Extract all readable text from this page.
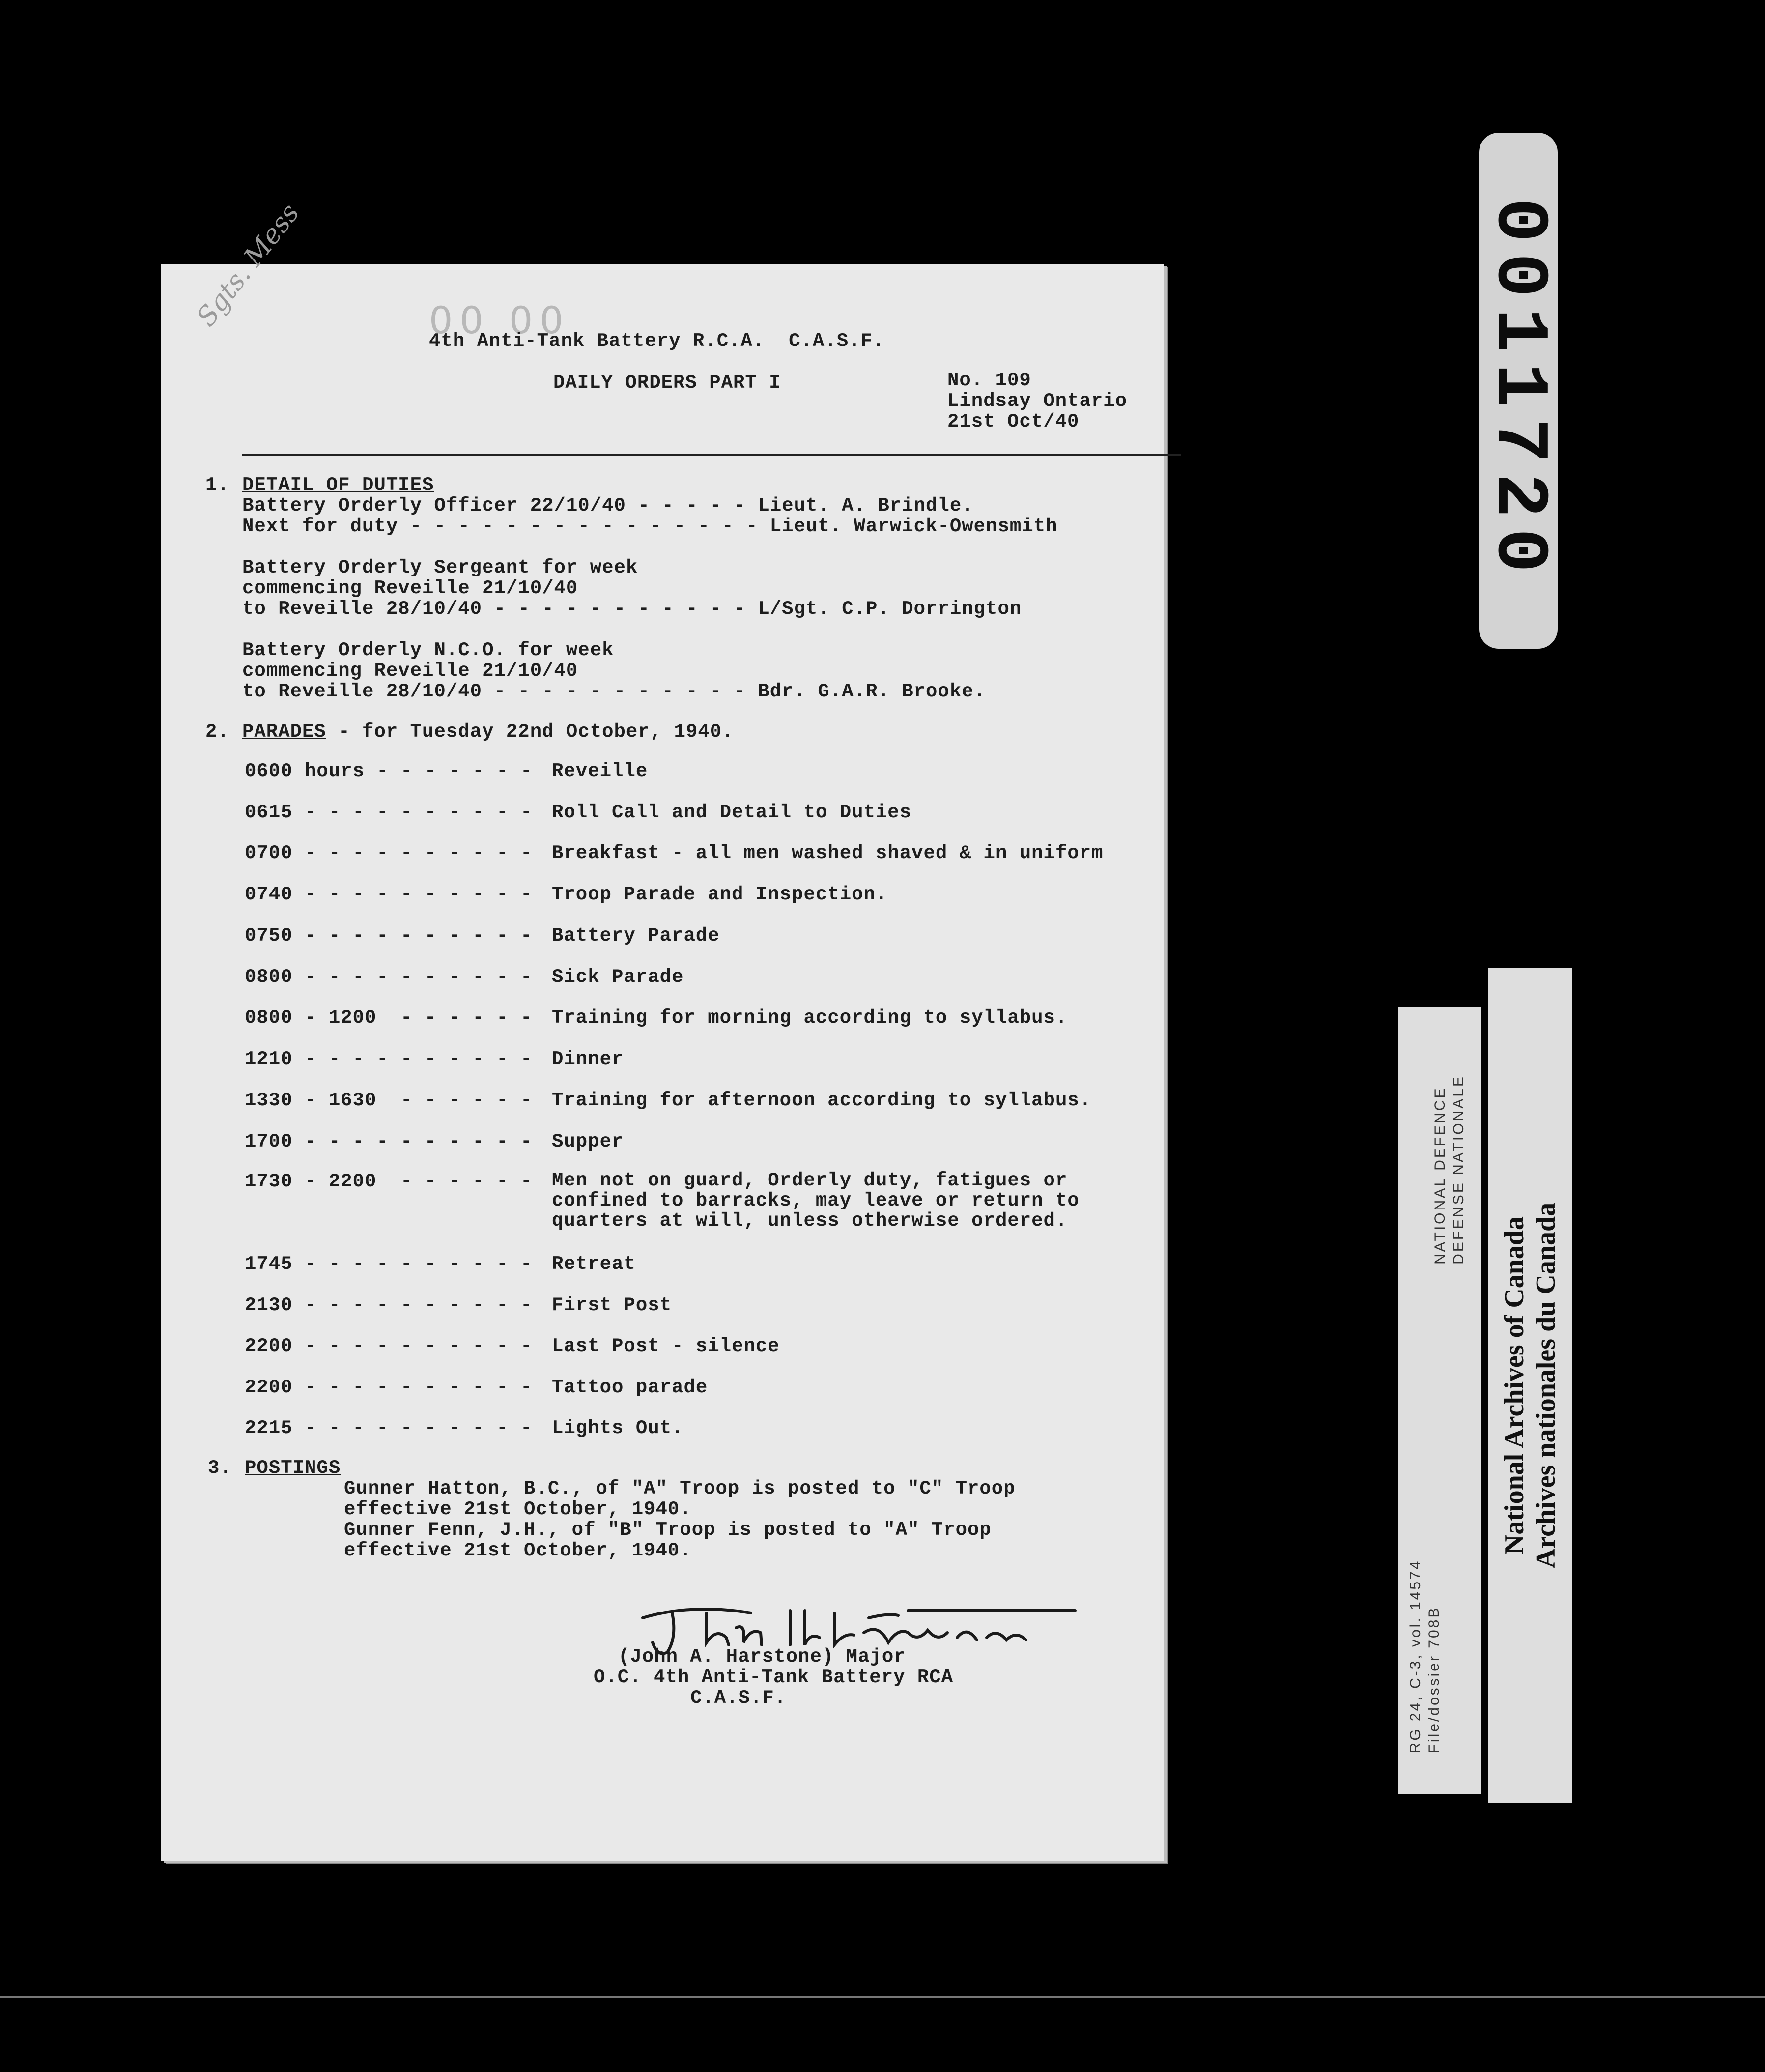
Sgts. Mess	00 00
4th Anti-Tank Battery R.C.A.  C.A.S.F.
DAILY ORDERS PART I	No. 109
Lindsay Ontario
21st Oct/40
1. DETAIL OF DUTIES
Battery Orderly Officer 22/10/40 - - - - - Lieut. A. Brindle.
Next for duty - - - - - - - - - - - - - - - Lieut. Warwick-Owensmith
Battery Orderly Sergeant for week
commencing Reveille 21/10/40
to Reveille 28/10/40 - - - - - - - - - - - L/Sgt. C.P. Dorrington
Battery Orderly N.C.O. for week
commencing Reveille 21/10/40
to Reveille 28/10/40 - - - - - - - - - - - Bdr. G.A.R. Brooke.
2. PARADES - for Tuesday 22nd October, 1940.
0600 hours - - - - - - - Reveille
0615 - - - - - - - - - - Roll Call and Detail to Duties
0700 - - - - - - - - - - Breakfast - all men washed shaved & in uniform
0740 - - - - - - - - - - Troop Parade and Inspection.
0750 - - - - - - - - - - Battery Parade
0800 - - - - - - - - - - Sick Parade
0800 - 1200  - - - - - - Training for morning according to syllabus.
1210 - - - - - - - - - - Dinner
1330 - 1630  - - - - - - Training for afternoon according to syllabus.
1700 - - - - - - - - - - Supper
1730 - 2200  - - - - - - Men not on guard, Orderly duty, fatigues or
confined to barracks, may leave or return to
quarters at will, unless otherwise ordered.
1745 - - - - - - - - - - Retreat
2130 - - - - - - - - - - First Post
2200 - - - - - - - - - - Last Post - silence
2200 - - - - - - - - - - Tattoo parade
2215 - - - - - - - - - - Lights Out.
3. POSTINGS
Gunner Hatton, B.C., of "A" Troop is posted to "C" Troop
effective 21st October, 1940.
Gunner Fenn, J.H., of "B" Troop is posted to "A" Troop
effective 21st October, 1940.
(John A. Harstone) Major
O.C. 4th Anti-Tank Battery RCA
C.A.S.F.
0011720
RG 24, C-3, vol. 14574
File/dossier 708B
NATIONAL DEFENCE
DEFENSE NATIONALE
National Archives of Canada
Archives nationales du Canada
